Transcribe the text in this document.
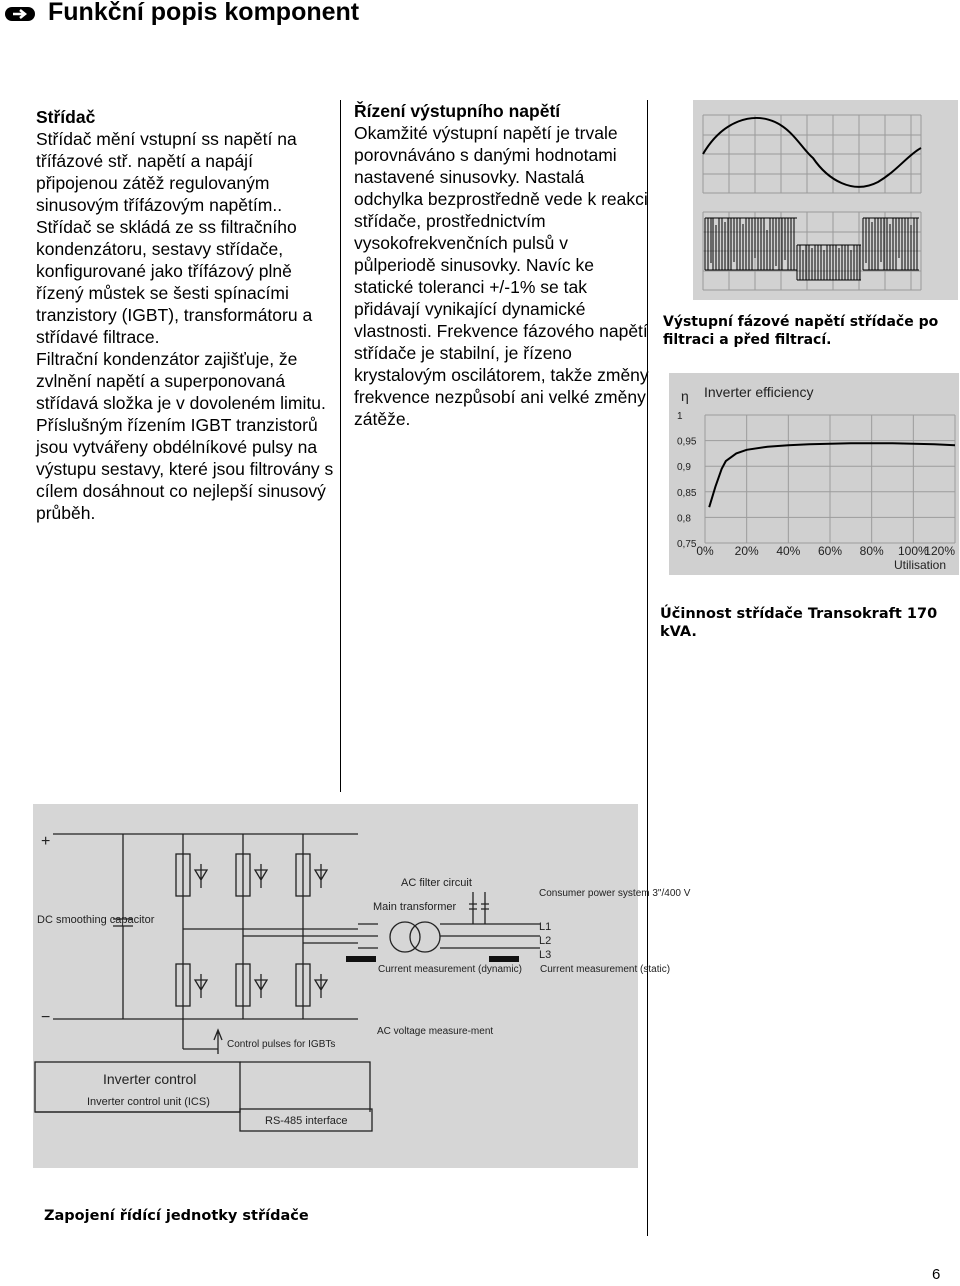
Funkční popis komponent
Střídač

Střídač mění vstupní ss napětí na třífázové stř. napětí a napájí připojenou zátěž regulovaným sinusovým třífázovým napětím.. Střídač se skládá ze ss filtračního kondenzátoru, sestavy střídače, konfigurované jako třífázový plně řízený můstek se šesti spínacími tranzistory (IGBT), transformátoru a střídavé filtrace.

Filtrační kondenzátor zajišťuje, že zvlnění napětí a superponovaná střídavá složka je v dovoleném limitu.

Příslušným řízením IGBT tranzistorů jsou vytvářeny obdélníkové pulsy na výstupu sestavy, které jsou filtrovány s cílem dosáhnout co nejlepší sinusový průběh.

Řízení výstupního napětí

Okamžité výstupní napětí je trvale porovnáváno s danými hodnotami nastavené sinusovky. Nastalá odchylka bezprostředně vede k reakci střídače, prostřednictvím vysokofrekvenčních pulsů v půlperiodě sinusovky. Navíc ke statické toleranci +/-1% se tak přidávají vynikající dynamické vlastnosti. Frekvence fázového napětí střídače je stabilní, je řízeno krystalovým oscilátorem, takže změny frekvence nezpůsobí ani velké změny zátěže.

Výstupní fázové napětí střídače po filtraci a před filtrací.
η Inverter efficiency
Utilisation
1
0,95
0,9
0,85
0,8
0,75 0% 20% 40% 60% 80% 100%
120%
Účinnost střídače Transokraft 170 kVA.
+
−
DC smoothing capacitor
AC filter circuit
Main transformer
Consumer power system 3"/400 V
L1
L2
L3
Current measurement (dynamic) Current measurement (static)
AC voltage measure-ment
Control pulses for IGBTs
Inverter control
Inverter control unit (ICS)
RS-485 interface
Zapojení řídící jednotky střídače
6
